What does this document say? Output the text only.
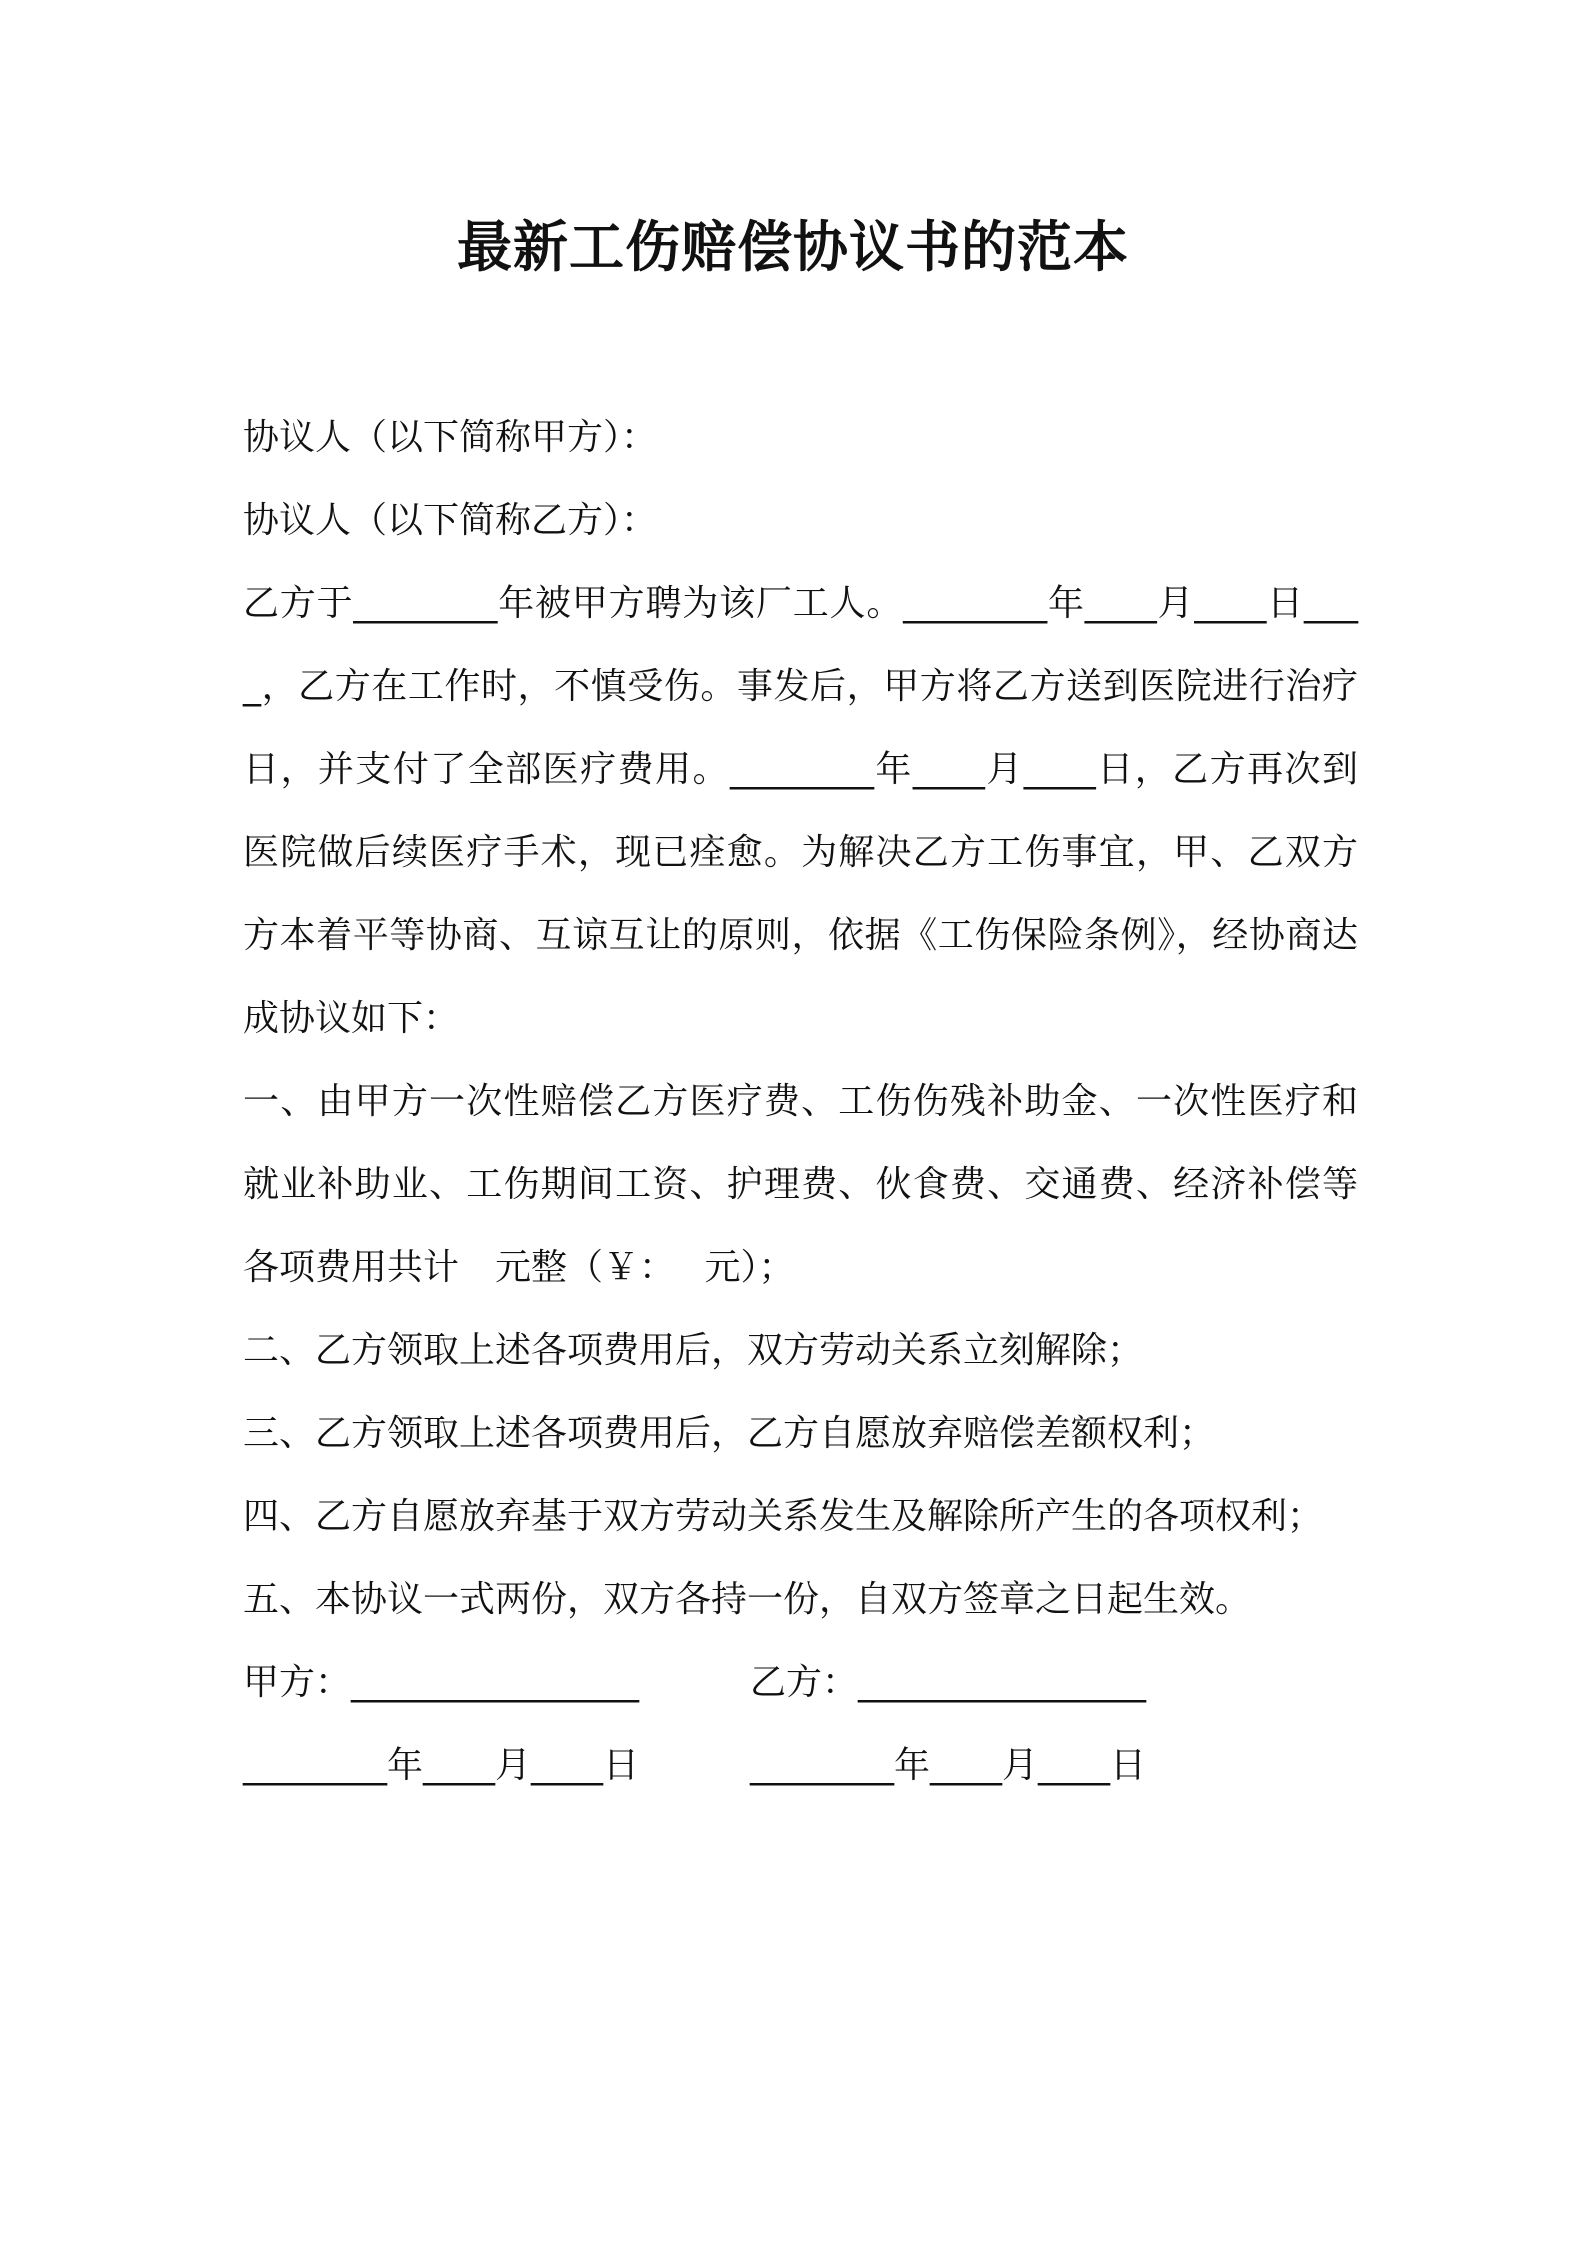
最新工伤赔偿协议书的范本

协议人（以下简称甲方）：

协议人（以下简称乙方）：

乙方于________年被甲方聘为该厂工人。________年____月____日____，乙方在工作时，不慎受伤。事发后，甲方将乙方送到医院进行治疗日，并支付了全部医疗费用。________年____月____日，乙方再次到医院做后续医疗手术，现已痊愈。为解决乙方工伤事宜，甲、乙双方方本着平等协商、互谅互让的原则，依据《工伤保险条例》，经协商达成协议如下：

一、由甲方一次性赔偿乙方医疗费、工伤伤残补助金、一次性医疗和就业补助业、工伤期间工资、护理费、伙食费、交通费、经济补偿等各项费用共计　元整（￥：　 元）；

二、乙方领取上述各项费用后，双方劳动关系立刻解除；

三、乙方领取上述各项费用后，乙方自愿放弃赔偿差额权利；

四、乙方自愿放弃基于双方劳动关系发生及解除所产生的各项权利；

五、本协议一式两份，双方各持一份，自双方签章之日起生效。

甲方：________________	乙方：________________
________年____月____日	________年____月____日
